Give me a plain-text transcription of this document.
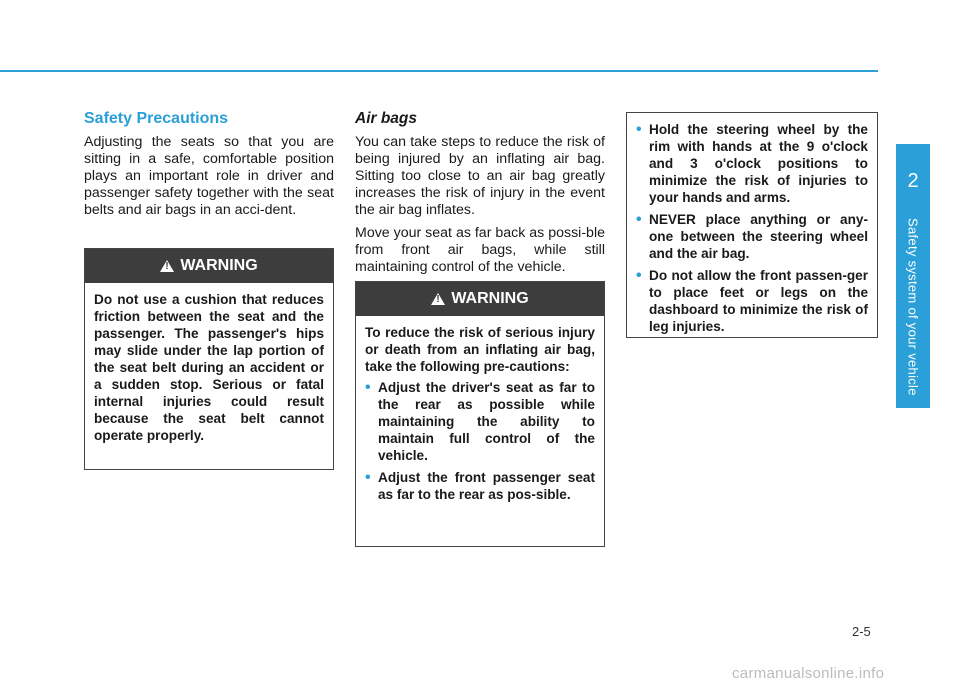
2
Safety system of your vehicle

Safety Precautions

Adjusting the seats so that you are sitting in a safe, comfortable position plays an important role in driver and passenger safety together with the seat belts and air bags in an acci-dent.

!
WARNING
Do not use a cushion that reduces friction between the seat and the passenger. The passenger's hips may slide under the lap portion of the seat belt during an accident or a sudden stop. Serious or fatal internal injuries could result because the seat belt cannot operate properly.

Air bags

You can take steps to reduce the risk of being injured by an inflating air bag. Sitting too close to an air bag greatly increases the risk of injury in the event the air bag inflates.

Move your seat as far back as possi-ble from front air bags, while still maintaining control of the vehicle.

!
WARNING
To reduce the risk of serious injury or death from an inflating air bag, take the following pre-cautions:
• Adjust the driver's seat as far to the rear as possible while maintaining the ability to maintain full control of the vehicle.
• Adjust the front passenger seat as far to the rear as pos-sible.
• Hold the steering wheel by the rim with hands at the 9 o'clock and 3 o'clock positions to minimize the risk of injuries to your hands and arms.
• NEVER place anything or any-one between the steering wheel and the air bag.
• Do not allow the front passen-ger to place feet or legs on the dashboard to minimize the risk of leg injuries.
2-5
carmanualsonline.info
